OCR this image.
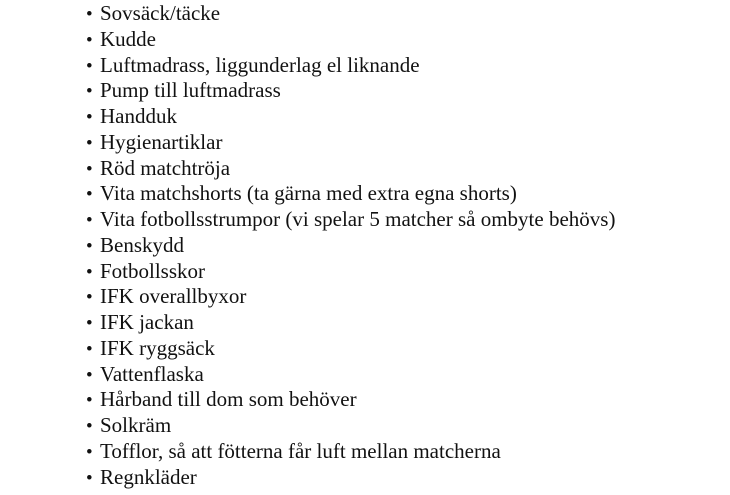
• Sovsäck/täcke
• Kudde
• Luftmadrass, liggunderlag el liknande
• Pump till luftmadrass
• Handduk
• Hygienartiklar
• Röd matchtröja
• Vita matchshorts (ta gärna med extra egna shorts)
• Vita fotbollsstrumpor (vi spelar 5 matcher så ombyte behövs)
• Benskydd
• Fotbollsskor
• IFK overallbyxor
• IFK jackan
• IFK ryggsäck
• Vattenflaska
• Hårband till dom som behöver
• Solkräm
• Tofflor, så att fötterna får luft mellan matcherna
• Regnkläder
